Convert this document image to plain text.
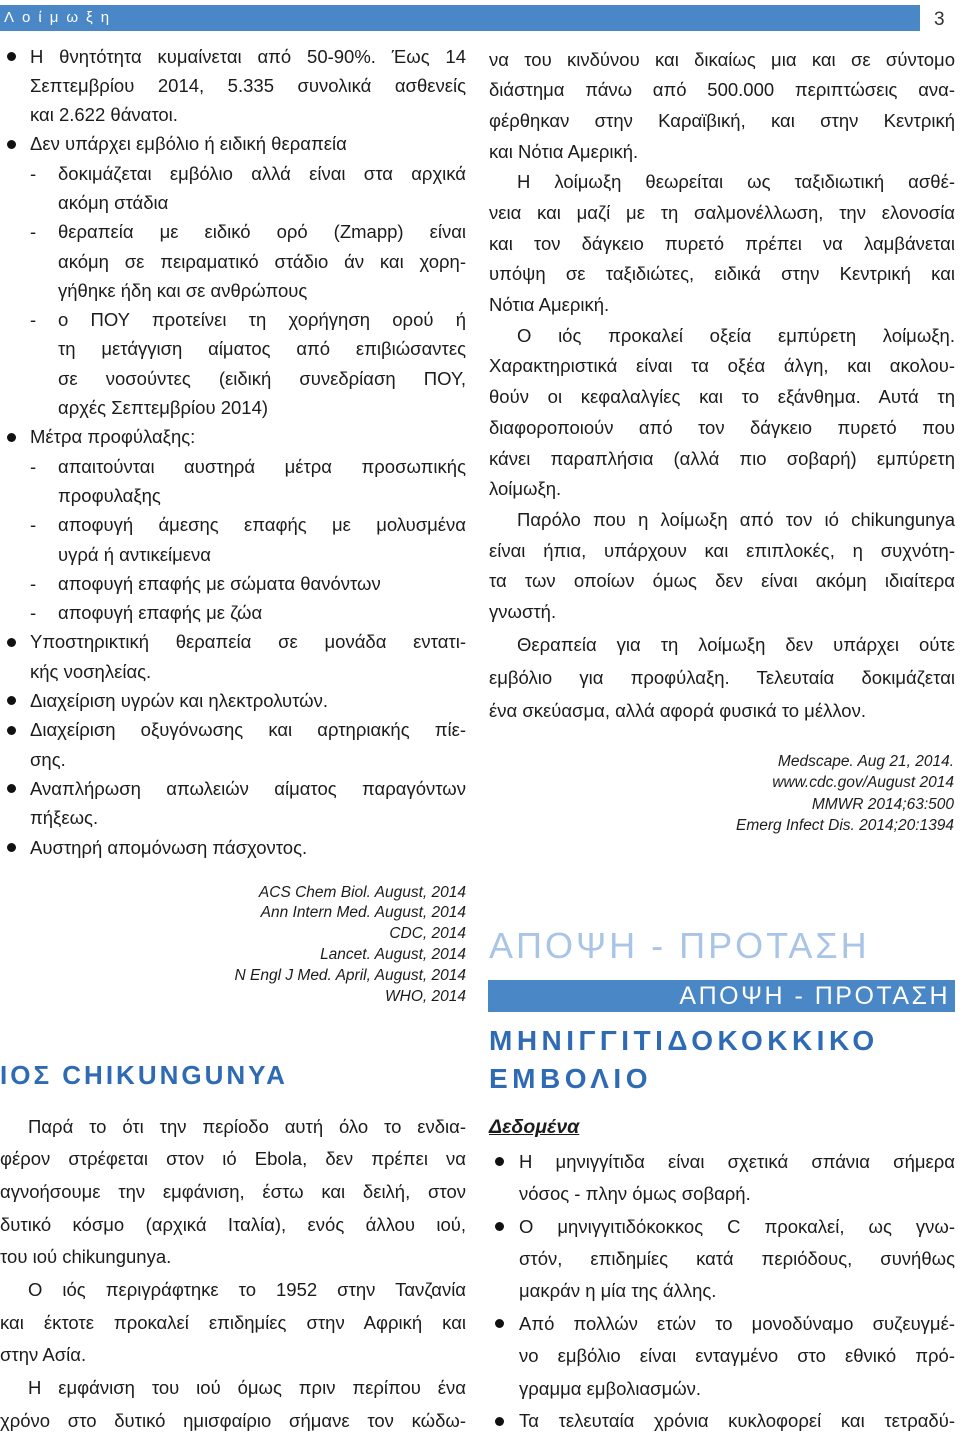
Λοίμωξη	3
Η θνητότητα κυμαίνεται από 50-90%. Έως 14
Σεπτεμβρίου 2014, 5.335 συνολικά ασθενείς
και 2.622 θάνατοι.
Δεν υπάρχει εμβόλιο ή ειδική θεραπεία
- δοκιμάζεται εμβόλιο αλλά είναι στα αρχικά
ακόμη στάδια
- θεραπεία με ειδικό ορό (Zmapp) είναι
ακόμη σε πειραματικό στάδιο άν και χορη-
γήθηκε ήδη και σε ανθρώπους
- ο ΠΟΥ προτείνει τη χορήγηση ορού ή
τη μετάγγιση αίματος από επιβιώσαντες
σε νοσούντες (ειδική συνεδρίαση ΠΟΥ,
αρχές Σεπτεμβρίου 2014)
Μέτρα προφύλαξης:
- απαιτούνται αυστηρά μέτρα προσωπικής
προφυλαξης
- αποφυγή άμεσης επαφής με μολυσμένα
υγρά ή αντικείμενα
- αποφυγή επαφής με σώματα θανόντων
- αποφυγή επαφής με ζώα
Υποστηρικτική θεραπεία σε μονάδα εντατι-
κής νοσηλείας.
Διαχείριση υγρών και ηλεκτρολυτών.
Διαχείριση οξυγόνωσης και αρτηριακής πίε-
σης.
Αναπλήρωση απωλειών αίματος παραγόντων
πήξεως.
Αυστηρή απομόνωση πάσχοντος.
ACS Chem Biol. August, 2014
Ann Intern Med. August, 2014
CDC, 2014
Lancet. August, 2014
N Engl J Med. April, August, 2014
WHO, 2014
ΙΟΣ CHIKUNGUNYA
Παρά το ότι την περίοδο αυτή όλο το ενδια-
φέρον στρέφεται στον ιό Ebola, δεν πρέπει να
αγνοήσουμε την εμφάνιση, έστω και δειλή, στον
δυτικό κόσμο (αρχικά Ιταλία), ενός άλλου ιού,
του ιού chikungunya.
Ο ιός περιγράφτηκε το 1952 στην Τανζανία
και έκτοτε προκαλεί επιδημίες στην Αφρική και
στην Ασία.
Η εμφάνιση του ιού όμως πριν περίπου ένα
χρόνο στο δυτικό ημισφαίριο σήμανε τον κώδω-
να του κινδύνου και δικαίως μια και σε σύντομο
διάστημα πάνω από 500.000 περιπτώσεις ανα-
φέρθηκαν στην Καραϊβική, και στην Κεντρική
και Νότια Αμερική.
Η λοίμωξη θεωρείται ως ταξιδιωτική ασθέ-
νεια και μαζί με τη σαλμονέλλωση, την ελονοσία
και τον δάγκειο πυρετό πρέπει να λαμβάνεται
υπόψη σε ταξιδιώτες, ειδικά στην Κεντρική και
Νότια Αμερική.
Ο ιός προκαλεί οξεία εμπύρετη λοίμωξη.
Χαρακτηριστικά είναι τα οξέα άλγη, και ακολου-
θούν οι κεφαλαλγίες και το εξάνθημα. Αυτά τη
διαφοροποιούν από τον δάγκειο πυρετό που
κάνει παραπλήσια (αλλά πιο σοβαρή) εμπύρετη
λοίμωξη.
Παρόλο που η λοίμωξη από τον ιό chikungunya
είναι ήπια, υπάρχουν και επιπλοκές, η συχνότη-
τα των οποίων όμως δεν είναι ακόμη ιδιαίτερα
γνωστή.
Θεραπεία για τη λοίμωξη δεν υπάρχει ούτε
εμβόλιο για προφύλαξη. Τελευταία δοκιμάζεται
ένα σκεύασμα, αλλά αφορά φυσικά το μέλλον.
Medscape. Aug 21, 2014.
www.cdc.gov/August 2014
MMWR 2014;63:500
Emerg Infect Dis. 2014;20:1394
ΑΠΟΨΗ - ΠΡΟΤΑΣΗ
ΑΠΟΨΗ - ΠΡΟΤΑΣΗ
ΜΗΝΙΓΓΙΤΙΔΟΚΟΚΚΙΚΟ
ΕΜΒΟΛΙΟ
Δεδομένα
Η μηνιγγίτιδα είναι σχετικά σπάνια σήμερα
νόσος - πλην όμως σοβαρή.
Ο μηνιγγιτιδόκοκκος C προκαλεί, ως γνω-
στόν, επιδημίες κατά περιόδους, συνήθως
μακράν η μία της άλλης.
Από πολλών ετών το μονοδύναμο συζευγμέ-
νο εμβόλιο είναι ενταγμένο στο εθνικό πρό-
γραμμα εμβολιασμών.
Τα τελευταία χρόνια κυκλοφορεί και τετραδύ-
